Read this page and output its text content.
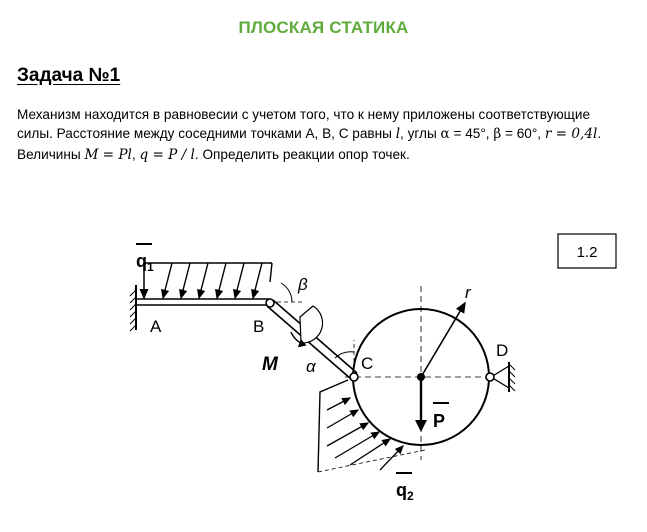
ПЛОСКАЯ СТАТИКА
Задача №1
Механизм находится в равновесии с учетом того, что к нему приложены соответствующие
силы. Расстояние между соседними точками A, B, C равны l, углы α = 45°, β = 60°, r = 0,4l.
Величины M = Pl, q = P / l. Определить реакции опор точек.
1.2
$q_1$
β
M α
$q_2$
r
P
A	B
C
D
